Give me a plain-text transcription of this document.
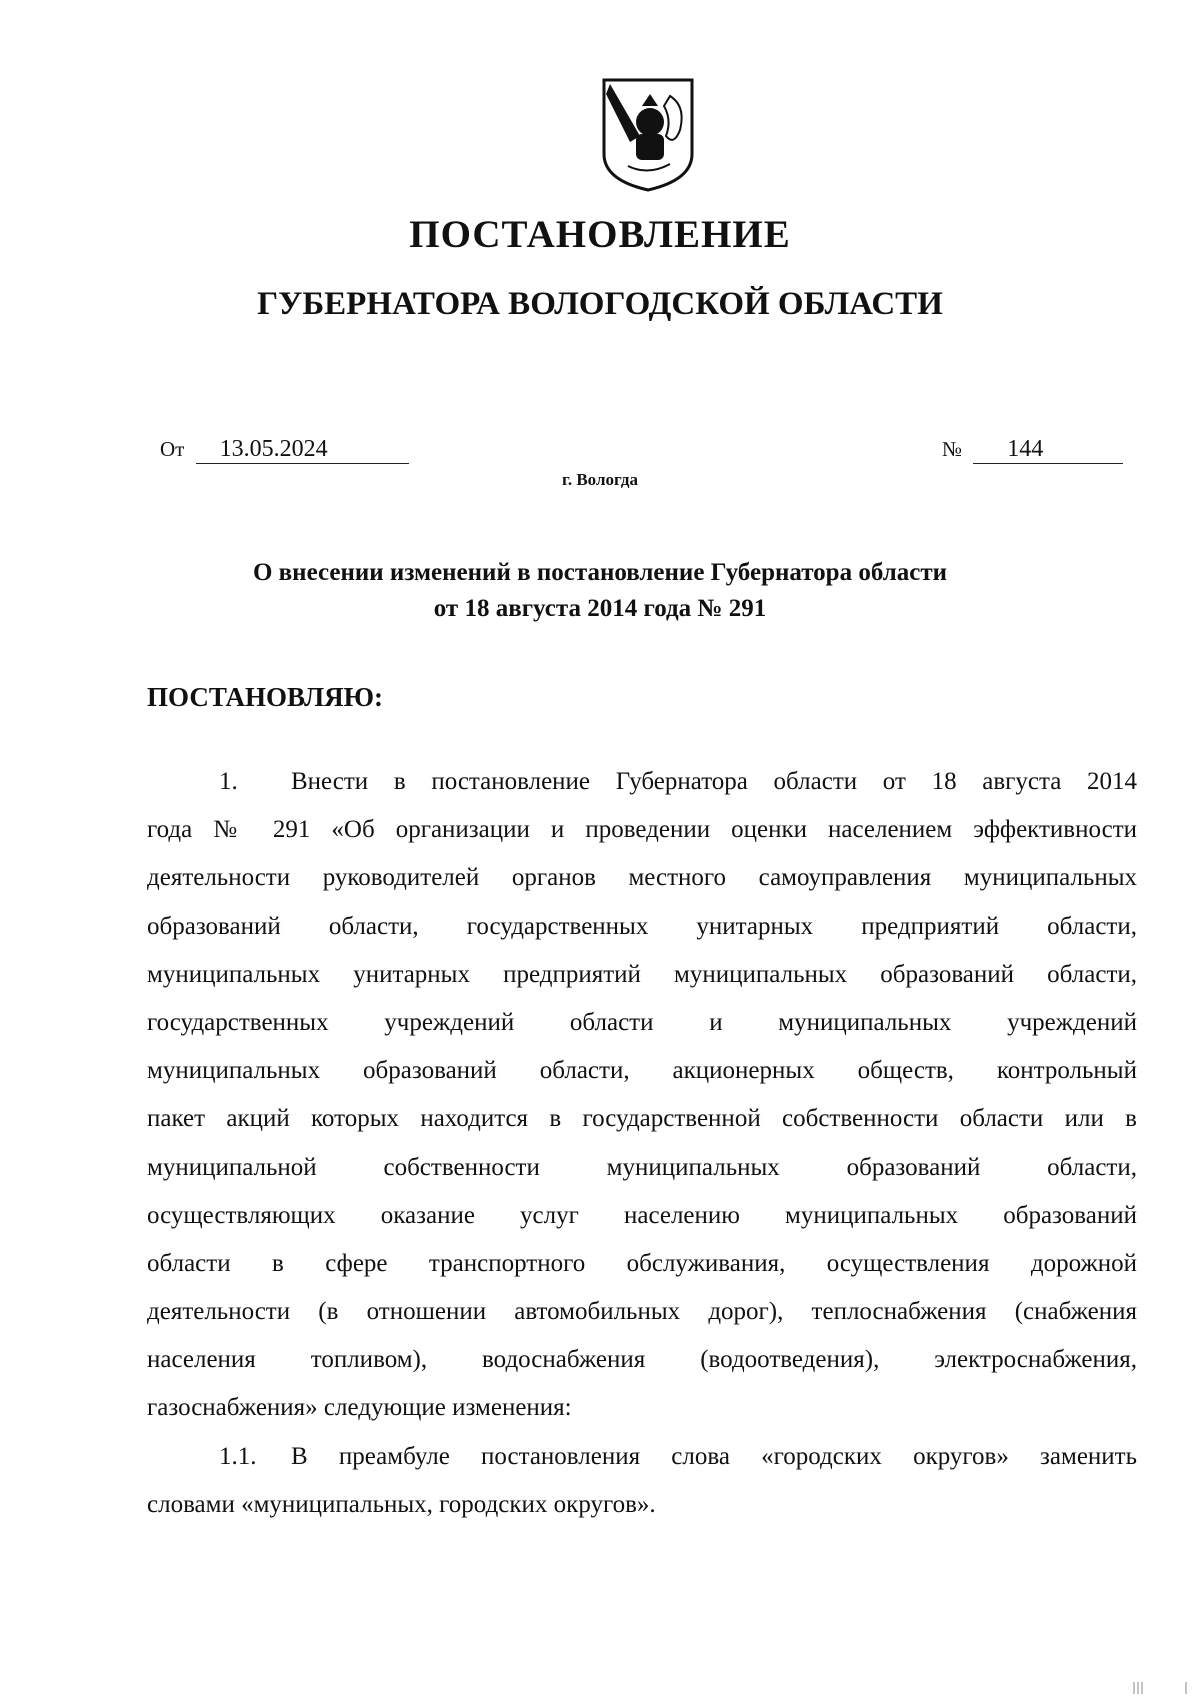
ПОСТАНОВЛЕНИЕ
ГУБЕРНАТОРА ВОЛОГОДСКОЙ ОБЛАСТИ
От 13.05.2024	№ 144
г. Вологда
О внесении изменений в постановление Губернатора области
от 18 августа 2014 года № 291
ПОСТАНОВЛЯЮ:
1. Внести в постановление Губернатора области от 18 августа 2014
года № 291 «Об организации и проведении оценки населением эффективности
деятельности руководителей органов местного самоуправления муниципальных
образований области, государственных унитарных предприятий области,
муниципальных унитарных предприятий муниципальных образований области,
государственных учреждений области и муниципальных учреждений
муниципальных образований области, акционерных обществ, контрольный
пакет акций которых находится в государственной собственности области или в
муниципальной собственности муниципальных образований области,
осуществляющих оказание услуг населению муниципальных образований
области в сфере транспортного обслуживания, осуществления дорожной
деятельности (в отношении автомобильных дорог), теплоснабжения (снабжения
населения топливом), водоснабжения (водоотведения), электроснабжения,
газоснабжения» следующие изменения:
1.1. В преамбуле постановления слова «городских округов» заменить
словами «муниципальных, городских округов».
